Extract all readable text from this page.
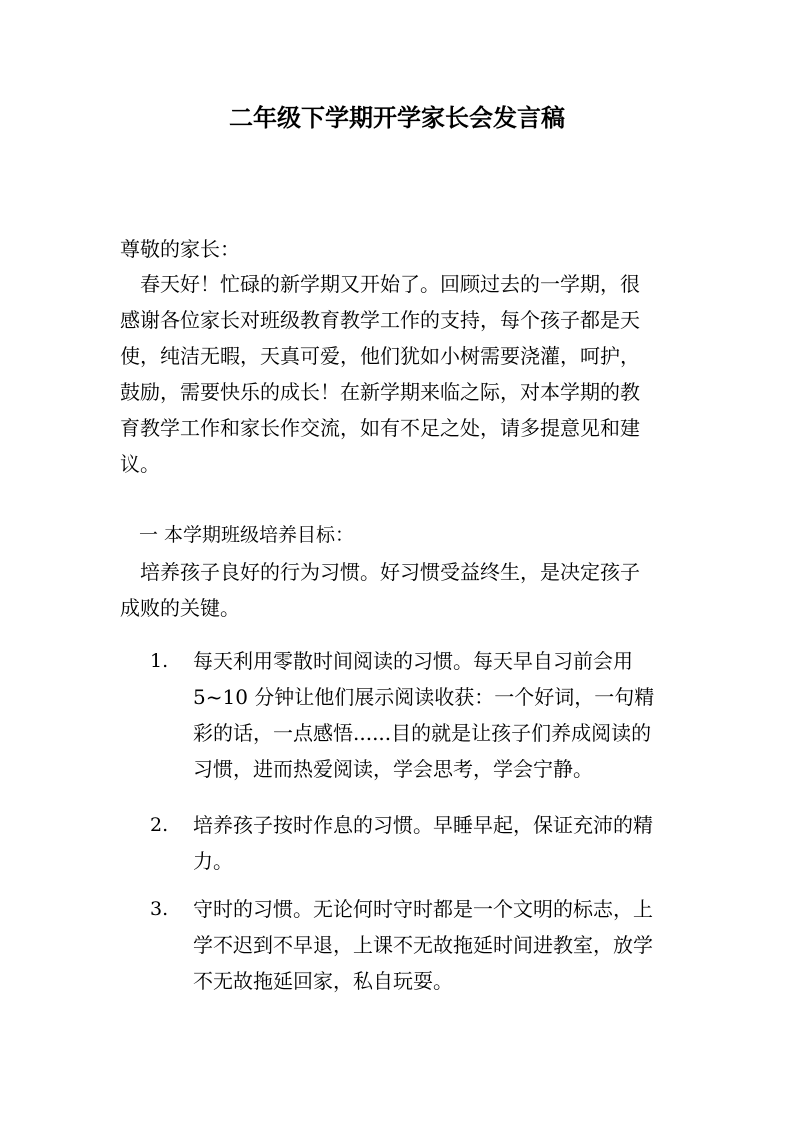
二年级下学期开学家长会发言稿
尊敬的家长：
　春天好！忙碌的新学期又开始了。回顾过去的一学期，很
感谢各位家长对班级教育教学工作的支持，每个孩子都是天
使，纯洁无暇，天真可爱，他们犹如小树需要浇灌，呵护，
鼓励，需要快乐的成长！在新学期来临之际，对本学期的教
育教学工作和家长作交流，如有不足之处，请多提意见和建
议。
　一 本学期班级培养目标：
　培养孩子良好的行为习惯。好习惯受益终生，是决定孩子
成败的关键。
1. 每天利用零散时间阅读的习惯。每天早自习前会用
5~10 分钟让他们展示阅读收获：一个好词，一句精
彩的话，一点感悟......目的就是让孩子们养成阅读的
习惯，进而热爱阅读，学会思考，学会宁静。
2. 培养孩子按时作息的习惯。早睡早起，保证充沛的精
力。
3. 守时的习惯。无论何时守时都是一个文明的标志，上
学不迟到不早退，上课不无故拖延时间进教室，放学
不无故拖延回家，私自玩耍。
